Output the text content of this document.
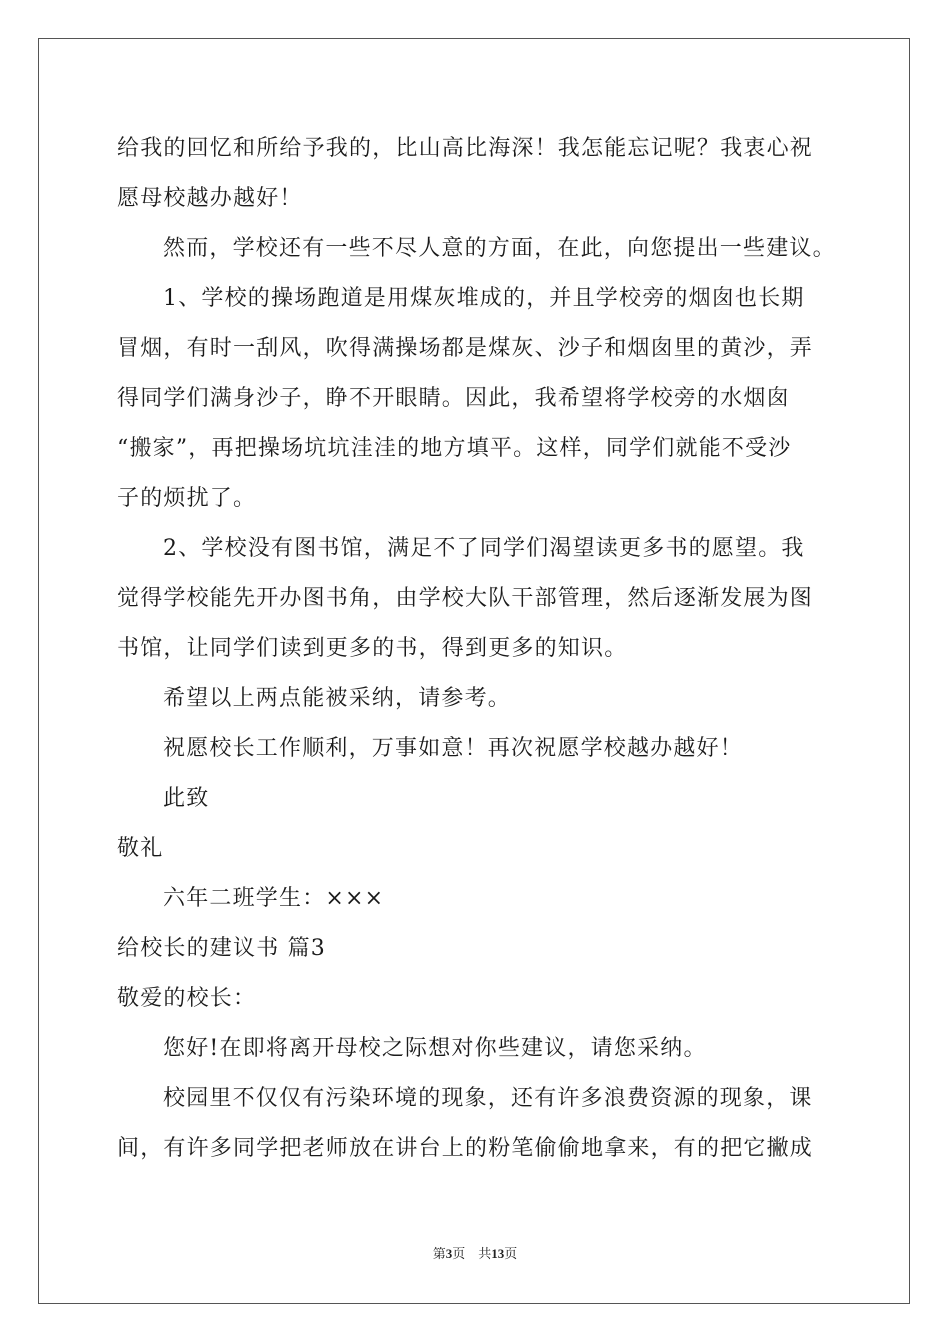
给我的回忆和所给予我的，比山高比海深！我怎能忘记呢？我衷心祝
愿母校越办越好！
然而，学校还有一些不尽人意的方面，在此，向您提出一些建议。
1、学校的操场跑道是用煤灰堆成的，并且学校旁的烟囱也长期
冒烟，有时一刮风，吹得满操场都是煤灰、沙子和烟囱里的黄沙，弄
得同学们满身沙子，睁不开眼睛。因此，我希望将学校旁的水烟囱
“搬家”，再把操场坑坑洼洼的地方填平。这样，同学们就能不受沙
子的烦扰了。
2、学校没有图书馆，满足不了同学们渴望读更多书的愿望。我
觉得学校能先开办图书角，由学校大队干部管理，然后逐渐发展为图
书馆，让同学们读到更多的书，得到更多的知识。
希望以上两点能被采纳，请参考。
祝愿校长工作顺利，万事如意！再次祝愿学校越办越好！
此致
敬礼
六年二班学生：×××
给校长的建议书 篇3
敬爱的校长：
您好!在即将离开母校之际想对你些建议，请您采纳。
校园里不仅仅有污染环境的现象，还有许多浪费资源的现象，课
间，有许多同学把老师放在讲台上的粉笔偷偷地拿来，有的把它撇成
第3页 共13页
